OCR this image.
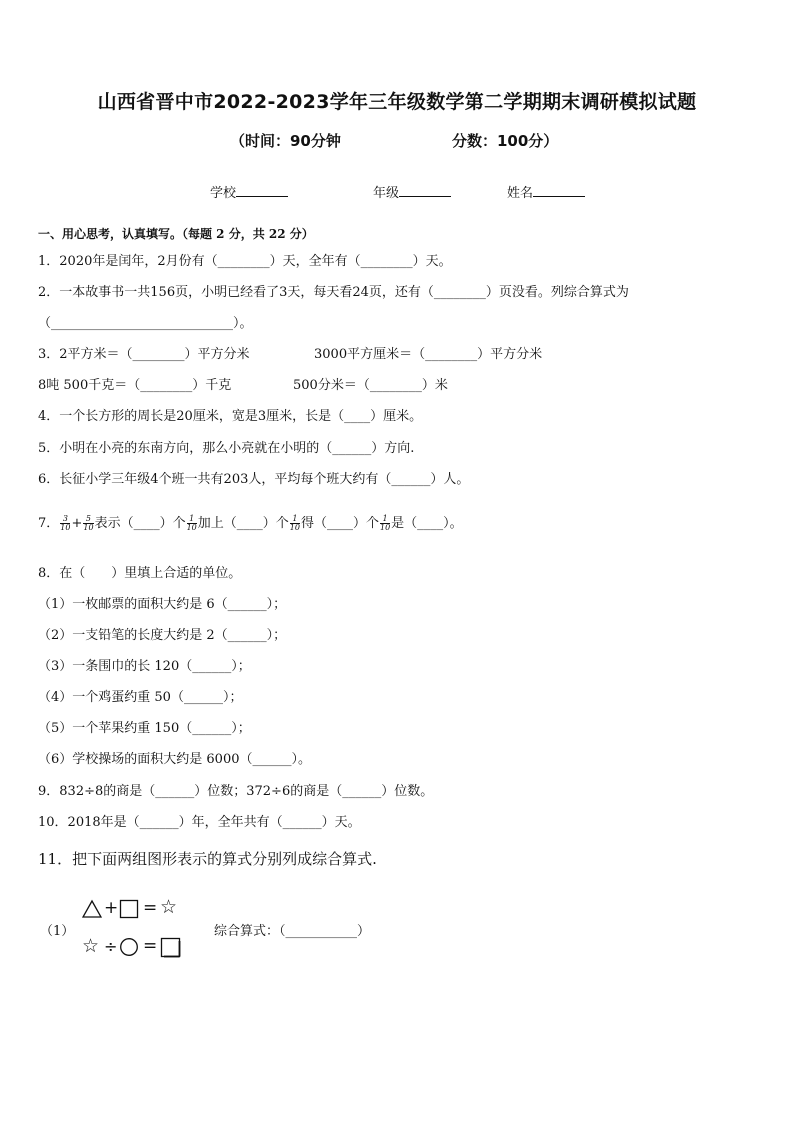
山西省晋中市2022-2023学年三年级数学第二学期期末调研模拟试题
（时间：90分钟	分数：100分）
学校	年级	姓名
一、用心思考，认真填写。（每题 2 分，共 22 分）
1．2020年是闰年，2月份有（________）天，全年有（________）天。
2．一本故事书一共156页，小明已经看了3天，每天看24页，还有（________）页没看。列综合算式为
（____________________________）。
3．2平方米＝（________）平方分米	3000平方厘米＝（________）平方分米
8吨 500千克＝（________）千克	500分米＝（________）米
4．一个长方形的周长是20厘米，宽是3厘米，长是（____）厘米。
5．小明在小亮的东南方向，那么小亮就在小明的（______）方向.
6．长征小学三年级4个班一共有203人，平均每个班大约有（______）人。
7． $\frac{3}{10} + \frac{5}{10}$ 表示（____）个 $\frac{1}{10}$ 加上（____）个 $\frac{1}{10}$ 得（____）个 $\frac{1}{10}$ 是（____）。
8．在（　　）里填上合适的单位。
（1）一枚邮票的面积大约是 6（______）；
（2）一支铅笔的长度大约是 2（______）；
（3）一条围巾的长 120（______）；
（4）一个鸡蛋约重 50（______）；
（5）一个苹果约重 150（______）；
（6）学校操场的面积大约是 6000（______）。
9．832÷8的商是（______）位数；372÷6的商是（______）位数。
10．2018年是（______）年，全年共有（______）天。
11．把下面两组图形表示的算式分别列成综合算式.
（1）
+ = ☆
☆ ÷ =
综合算式：（___________）
